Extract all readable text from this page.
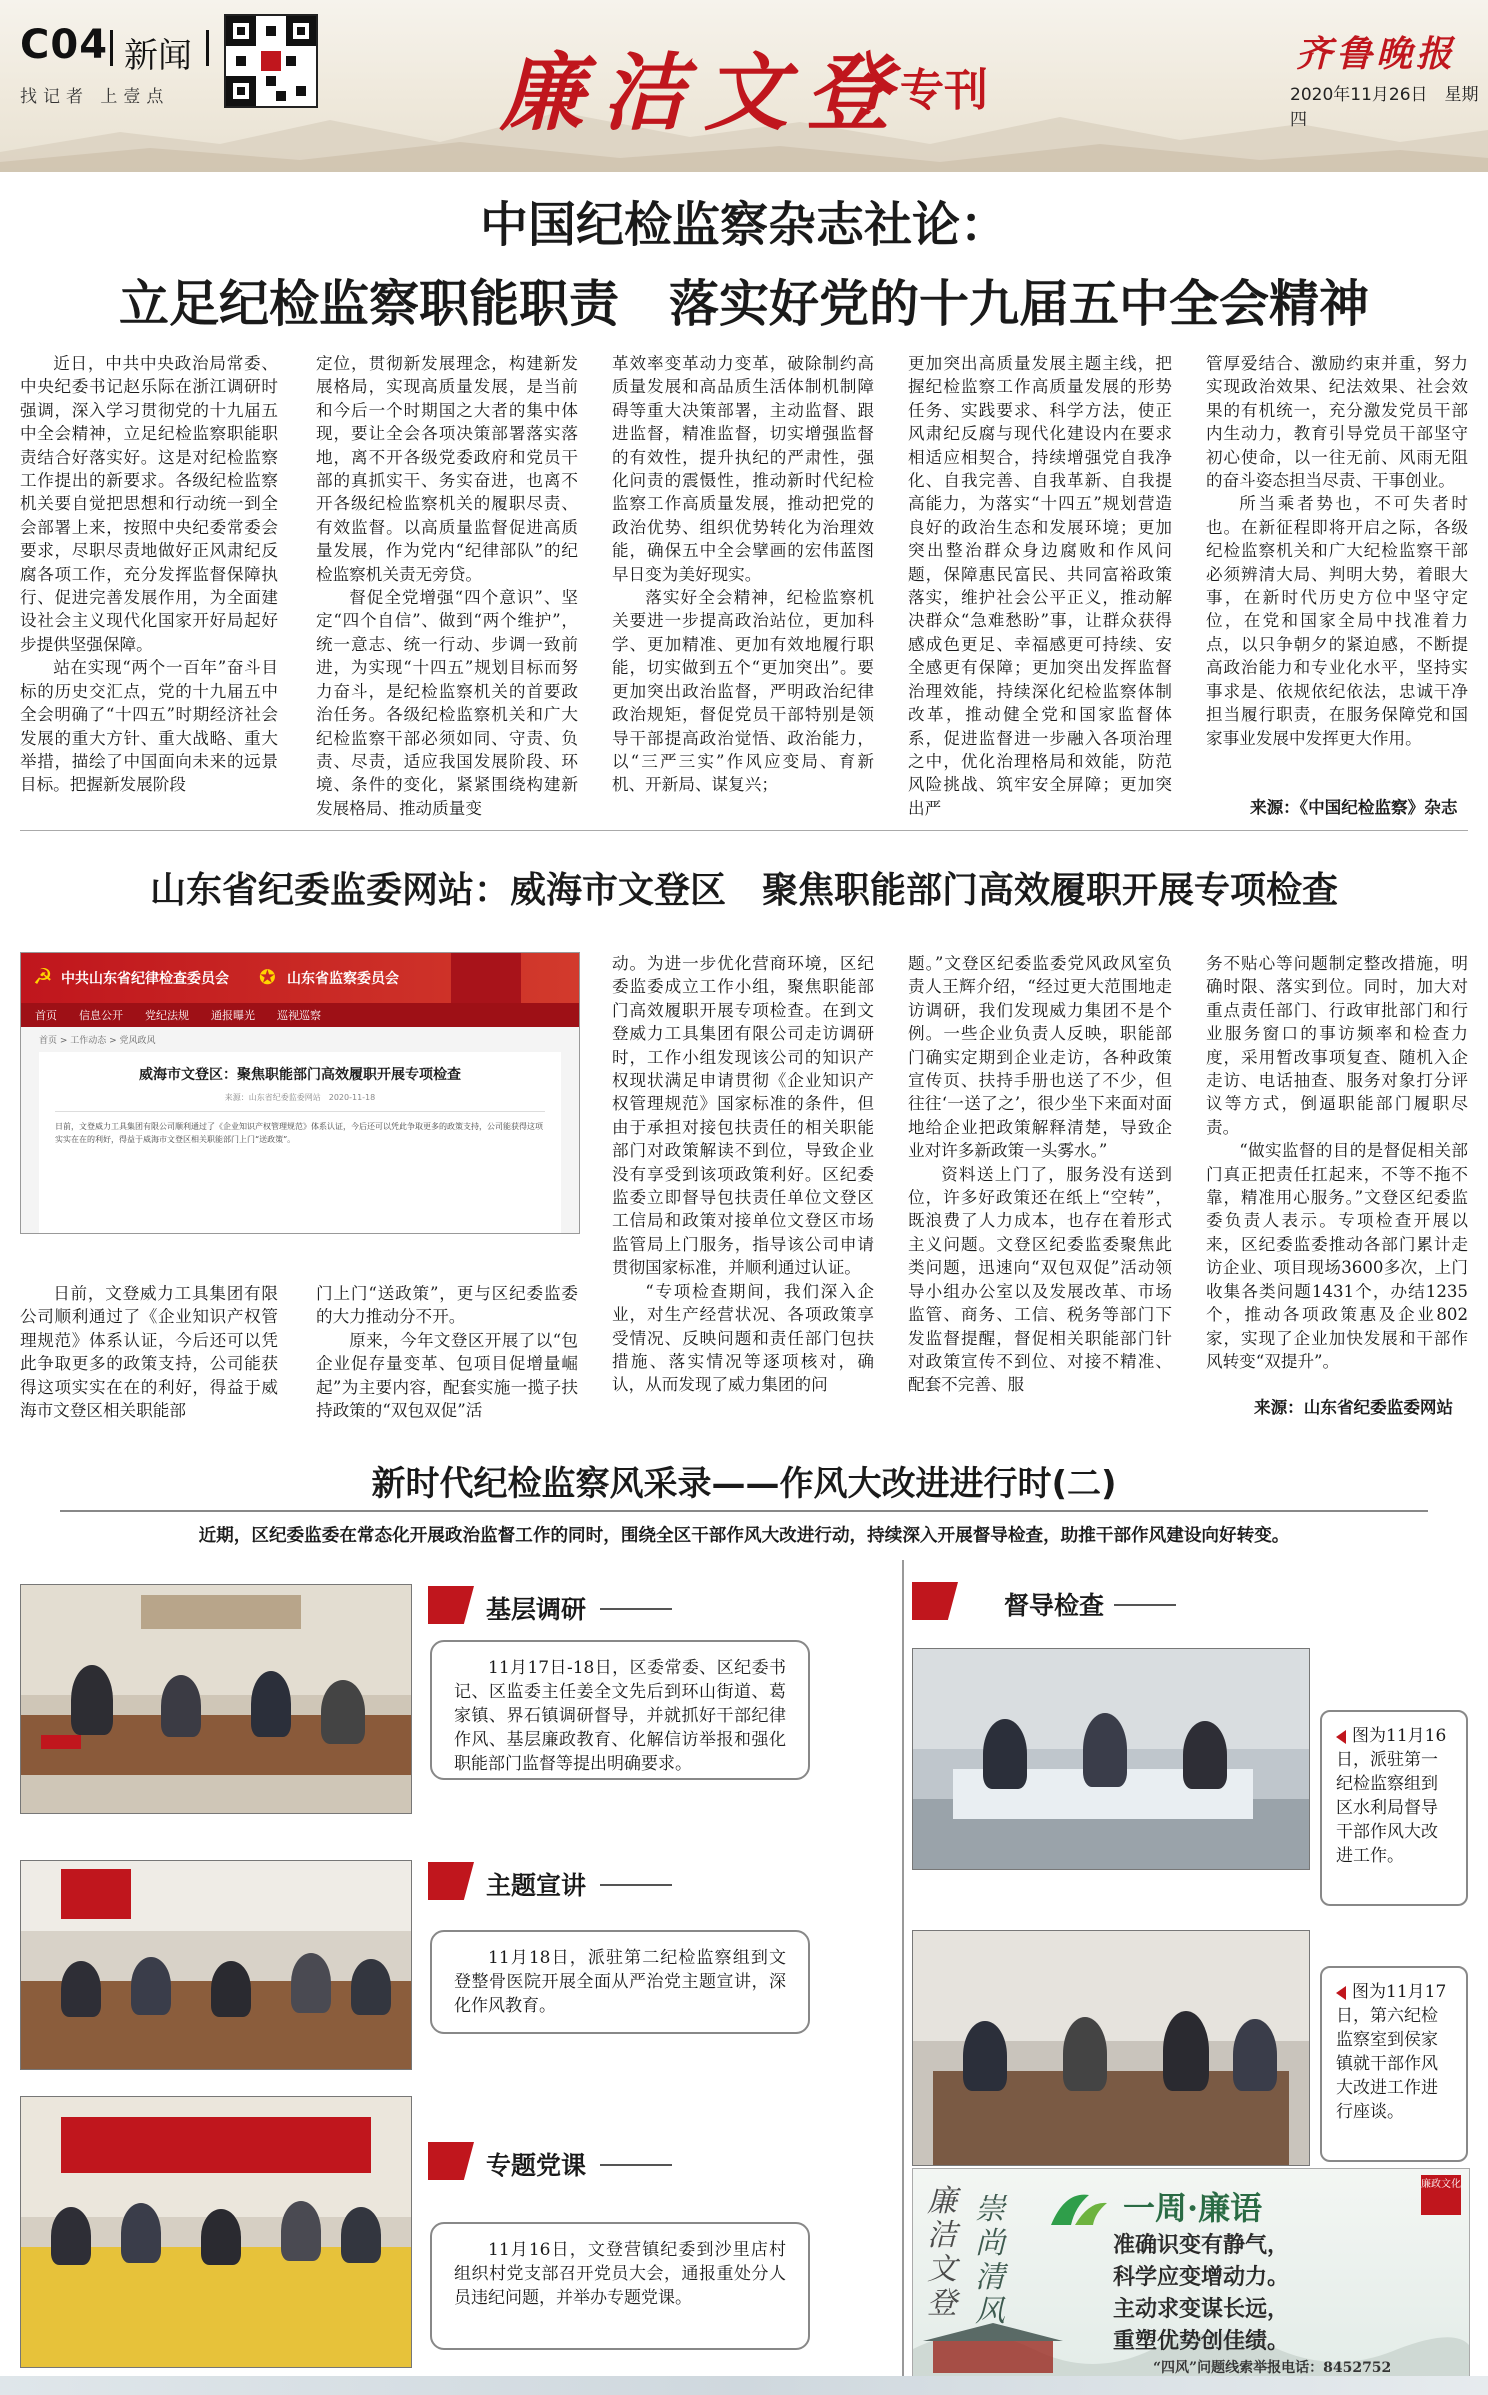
C04 新闻
找记者 上壹点	廉洁文登
专刊
齐鲁晚报
2020年11月26日　 星期四
中国纪检监察杂志社论：
立足纪检监察职能职责　落实好党的十九届五中全会精神

近日，中共中央政治局常委、中央纪委书记赵乐际在浙江调研时强调，深入学习贯彻党的十九届五中全会精神，立足纪检监察职能职责结合好落实好。这是对纪检监察工作提出的新要求。各级纪检监察机关要自觉把思想和行动统一到全会部署上来，按照中央纪委常委会要求，尽职尽责地做好正风肃纪反腐各项工作，充分发挥监督保障执行、促进完善发展作用，为全面建设社会主义现代化国家开好局起好步提供坚强保障。

站在实现“两个一百年”奋斗目标的历史交汇点，党的十九届五中全会明确了“十四五”时期经济社会发展的重大方针、重大战略、重大举措，描绘了中国面向未来的远景目标。把握新发展阶段

定位，贯彻新发展理念，构建新发展格局，实现高质量发展，是当前和今后一个时期国之大者的集中体现，要让全会各项决策部署落实落地，离不开各级党委政府和党员干部的真抓实干、务实奋进，也离不开各级纪检监察机关的履职尽责、有效监督。以高质量监督促进高质量发展，作为党内“纪律部队”的纪检监察机关责无旁贷。

督促全党增强“四个意识”、坚定“四个自信”、做到“两个维护”，统一意志、统一行动、步调一致前进，为实现“十四五”规划目标而努力奋斗，是纪检监察机关的首要政治任务。各级纪检监察机关和广大纪检监察干部必须如同、守责、负责、尽责，适应我国发展阶段、环境、条件的变化，紧紧围绕构建新发展格局、推动质量变

革效率变革动力变革，破除制约高质量发展和高品质生活体制机制障碍等重大决策部署，主动监督、跟进监督，精准监督，切实增强监督的有效性，提升执纪的严肃性，强化问责的震慑性，推动新时代纪检监察工作高质量发展，推动把党的政治优势、组织优势转化为治理效能，确保五中全会擘画的宏伟蓝图早日变为美好现实。

落实好全会精神，纪检监察机关要进一步提高政治站位，更加科学、更加精准、更加有效地履行职能，切实做到五个“更加突出”。要更加突出政治监督，严明政治纪律政治规矩，督促党员干部特别是领导干部提高政治觉悟、政治能力，以“三严三实”作风应变局、育新机、开新局、谋复兴；

更加突出高质量发展主题主线，把握纪检监察工作高质量发展的形势任务、实践要求、科学方法，使正风肃纪反腐与现代化建设内在要求相适应相契合，持续增强党自我净化、自我完善、自我革新、自我提高能力，为落实“十四五”规划营造良好的政治生态和发展环境；更加突出整治群众身边腐败和作风问题，保障惠民富民、共同富裕政策落实，维护社会公平正义，推动解决群众“急难愁盼”事，让群众获得感成色更足、幸福感更可持续、安全感更有保障；更加突出发挥监督治理效能，持续深化纪检监察体制改革，推动健全党和国家监督体系，促进监督进一步融入各项治理之中，优化治理格局和效能，防范风险挑战、筑牢安全屏障；更加突出严

管厚爱结合、激励约束并重，努力实现政治效果、纪法效果、社会效果的有机统一，充分激发党员干部内生动力，教育引导党员干部坚守初心使命，以一往无前、风雨无阻的奋斗姿态担当尽责、干事创业。

所当乘者势也，不可失者时也。在新征程即将开启之际，各级纪检监察机关和广大纪检监察干部必须辨清大局、判明大势，着眼大事，在新时代历史方位中坚守定位，在党和国家全局中找准着力点，以只争朝夕的紧迫感，不断提高政治能力和专业化水平，坚持实事求是、依规依纪依法，忠诚干净担当履行职责，在服务保障党和国家事业发展中发挥更大作用。

来源：《中国纪检监察》杂志
山东省纪委监委网站：威海市文登区　聚焦职能部门高效履职开展专项检查
☭ 中共山东省纪律检查委员会 ✪ 山东省监察委员会
首页 信息公开 党纪法规 通报曝光 巡视巡察
首页 > 工作动态 > 党风政风
威海市文登区：聚焦职能部门高效履职开展专项检查
来源：山东省纪委监委网站　2020-11-18
日前，文登威力工具集团有限公司顺利通过了《企业知识产权管理规范》体系认证，今后还可以凭此争取更多的政策支持，公司能获得这项实实在在的利好，得益于威海市文登区相关职能部门上门“送政策”。

日前，文登威力工具集团有限公司顺利通过了《企业知识产权管理规范》体系认证，今后还可以凭此争取更多的政策支持，公司能获得这项实实在在的利好，得益于威海市文登区相关职能部

门上门“送政策”，更与区纪委监委的大力推动分不开。

原来，今年文登区开展了以“包企业促存量变革、包项目促增量崛起”为主要内容，配套实施一揽子扶持政策的“双包双促”活

动。为进一步优化营商环境，区纪委监委成立工作小组，聚焦职能部门高效履职开展专项检查。在到文登威力工具集团有限公司走访调研时，工作小组发现该公司的知识产权现状满足申请贯彻《企业知识产权管理规范》国家标准的条件，但由于承担对接包扶责任的相关职能部门对政策解读不到位，导致企业没有享受到该项政策利好。区纪委监委立即督导包扶责任单位文登区工信局和政策对接单位文登区市场监管局上门服务，指导该公司申请贯彻国家标准，并顺利通过认证。

“专项检查期间，我们深入企业，对生产经营状况、各项政策享受情况、反映问题和责任部门包扶措施、落实情况等逐项核对，确认，从而发现了威力集团的问

题。”文登区纪委监委党风政风室负责人王辉介绍，“经过更大范围地走访调研，我们发现威力集团不是个例。一些企业负责人反映，职能部门确实定期到企业走访，各种政策宣传页、扶持手册也送了不少，但往往‘一送了之’，很少坐下来面对面地给企业把政策解释清楚，导致企业对许多新政策一头雾水。”

资料送上门了，服务没有送到位，许多好政策还在纸上“空转”，既浪费了人力成本，也存在着形式主义问题。文登区纪委监委聚焦此类问题，迅速向“双包双促”活动领导小组办公室以及发展改革、市场监管、商务、工信、税务等部门下发监督提醒，督促相关职能部门针对政策宣传不到位、对接不精准、配套不完善、服

务不贴心等问题制定整改措施，明确时限、落实到位。同时，加大对重点责任部门、行政审批部门和行业服务窗口的事访频率和检查力度，采用暂改事项复查、随机入企走访、电话抽查、服务对象打分评议等方式，倒逼职能部门履职尽责。

“做实监督的目的是督促相关部门真正把责任扛起来，不等不拖不靠，精准用心服务。”文登区纪委监委负责人表示。专项检查开展以来，区纪委监委推动各部门累计走访企业、项目现场3600多次，上门收集各类问题1431个，办结1235个，推动各项政策惠及企业802家，实现了企业加快发展和干部作风转变“双提升”。

来源：山东省纪委监委网站
新时代纪检监察风采录——作风大改进进行时(二)
近期，区纪委监委在常态化开展政治监督工作的同时，围绕全区干部作风大改进行动，持续深入开展督导检查，助推干部作风建设向好转变。
基层调研

11月17日-18日，区委常委、区纪委书记、区监委主任姜全文先后到环山街道、葛家镇、界石镇调研督导，并就抓好干部纪律作风、基层廉政教育、化解信访举报和强化职能部门监督等提出明确要求。

主题宣讲

11月18日，派驻第二纪检监察组到文登整骨医院开展全面从严治党主题宣讲，深化作风教育。

专题党课

11月16日，文登营镇纪委到沙里店村组织村党支部召开党员大会，通报重处分人员违纪问题，并举办专题党课。

督导检查
图为11月16日，派驻第一纪检监察组到区水利局督导干部作风大改进工作。
图为11月17日，第六纪检监察室到侯家镇就干部作风大改进工作进行座谈。
廉洁文登
崇尚清风
一周·廉语
廉政文化
准确识变有静气，
科学应变增动力。
主动求变谋长远，
重塑优势创佳绩。
“四风”问题线索举报电话：8452752
